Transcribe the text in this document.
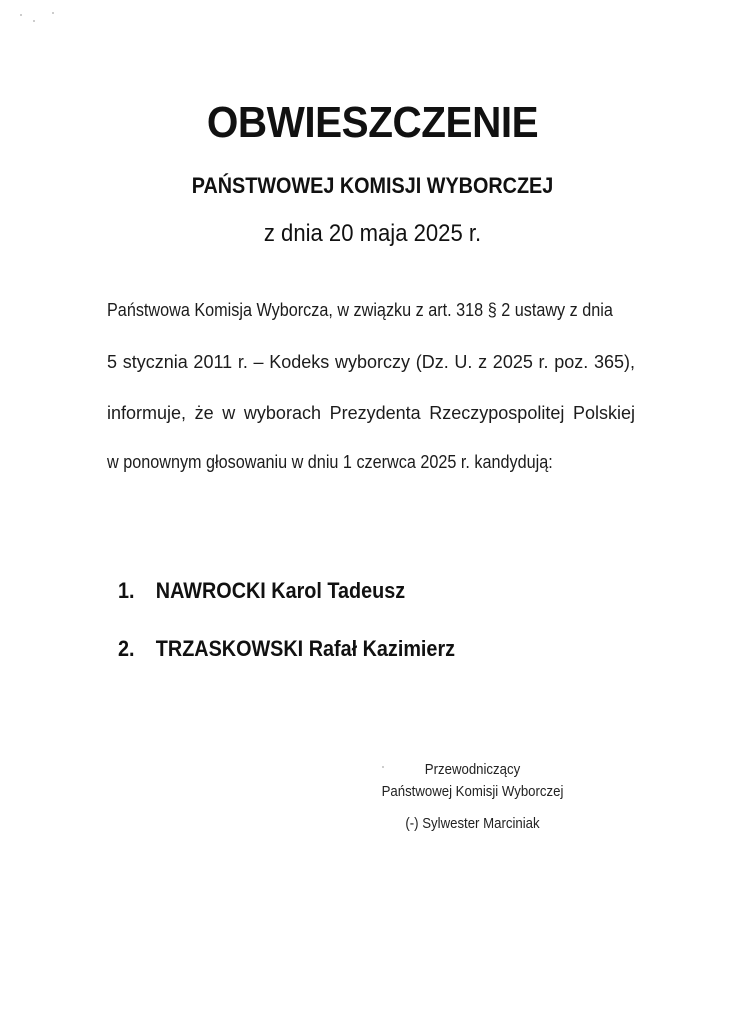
OBWIESZCZENIE
PAŃSTWOWEJ KOMISJI WYBORCZEJ
z dnia 20 maja 2025 r.
Państwowa Komisja Wyborcza, w związku z art. 318 § 2 ustawy z dnia
5 stycznia 2011 r. – Kodeks wyborczy (Dz. U. z 2025 r. poz. 365),
informuje, że w wyborach Prezydenta Rzeczypospolitej Polskiej
w ponownym głosowaniu w dniu 1 czerwca 2025 r. kandydują:
1. NAWROCKI Karol Tadeusz
2. TRZASKOWSKI Rafał Kazimierz
Przewodniczący
Państwowej Komisji Wyborczej
(-) Sylwester Marciniak
